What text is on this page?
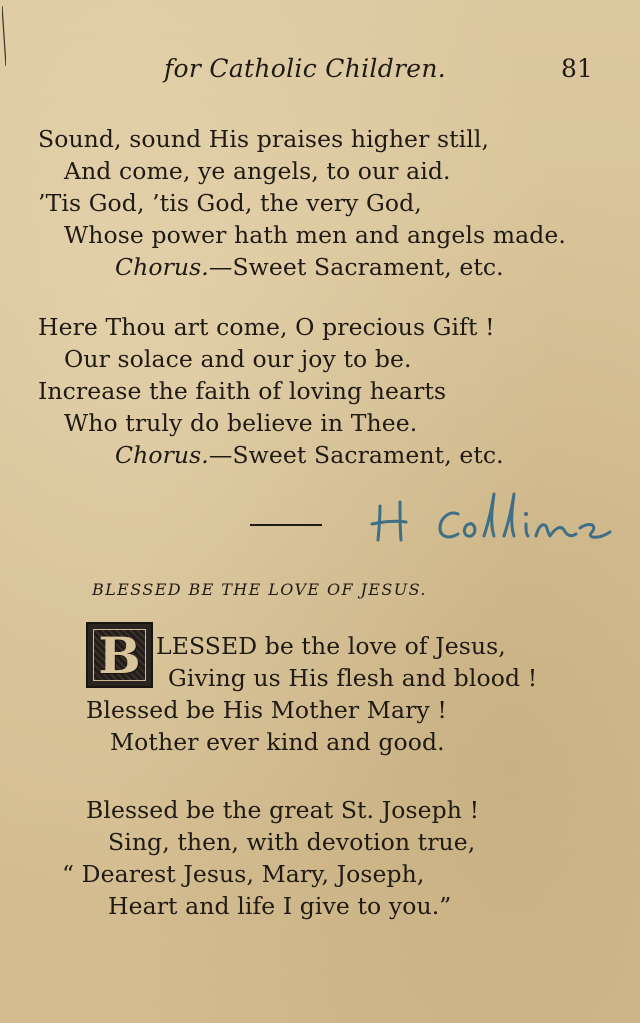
for Catholic Children.	81
Sound, sound His praises higher still,
And come, ye angels, to our aid.
’Tis God, ’tis God, the very God,
Whose power hath men and angels made.
Chorus.—Sweet Sacrament, etc.
Here Thou art come, O precious Gift !
Our solace and our joy to be.
Increase the faith of loving hearts
Who truly do believe in Thee.
Chorus.—Sweet Sacrament, etc.
BLESSED BE THE LOVE OF JESUS.
B LESSED be the love of Jesus,
Giving us His flesh and blood !
Blessed be His Mother Mary !
Mother ever kind and good.
Blessed be the great St. Joseph !
Sing, then, with devotion true,
“ Dearest Jesus, Mary, Joseph,
Heart and life I give to you.”
